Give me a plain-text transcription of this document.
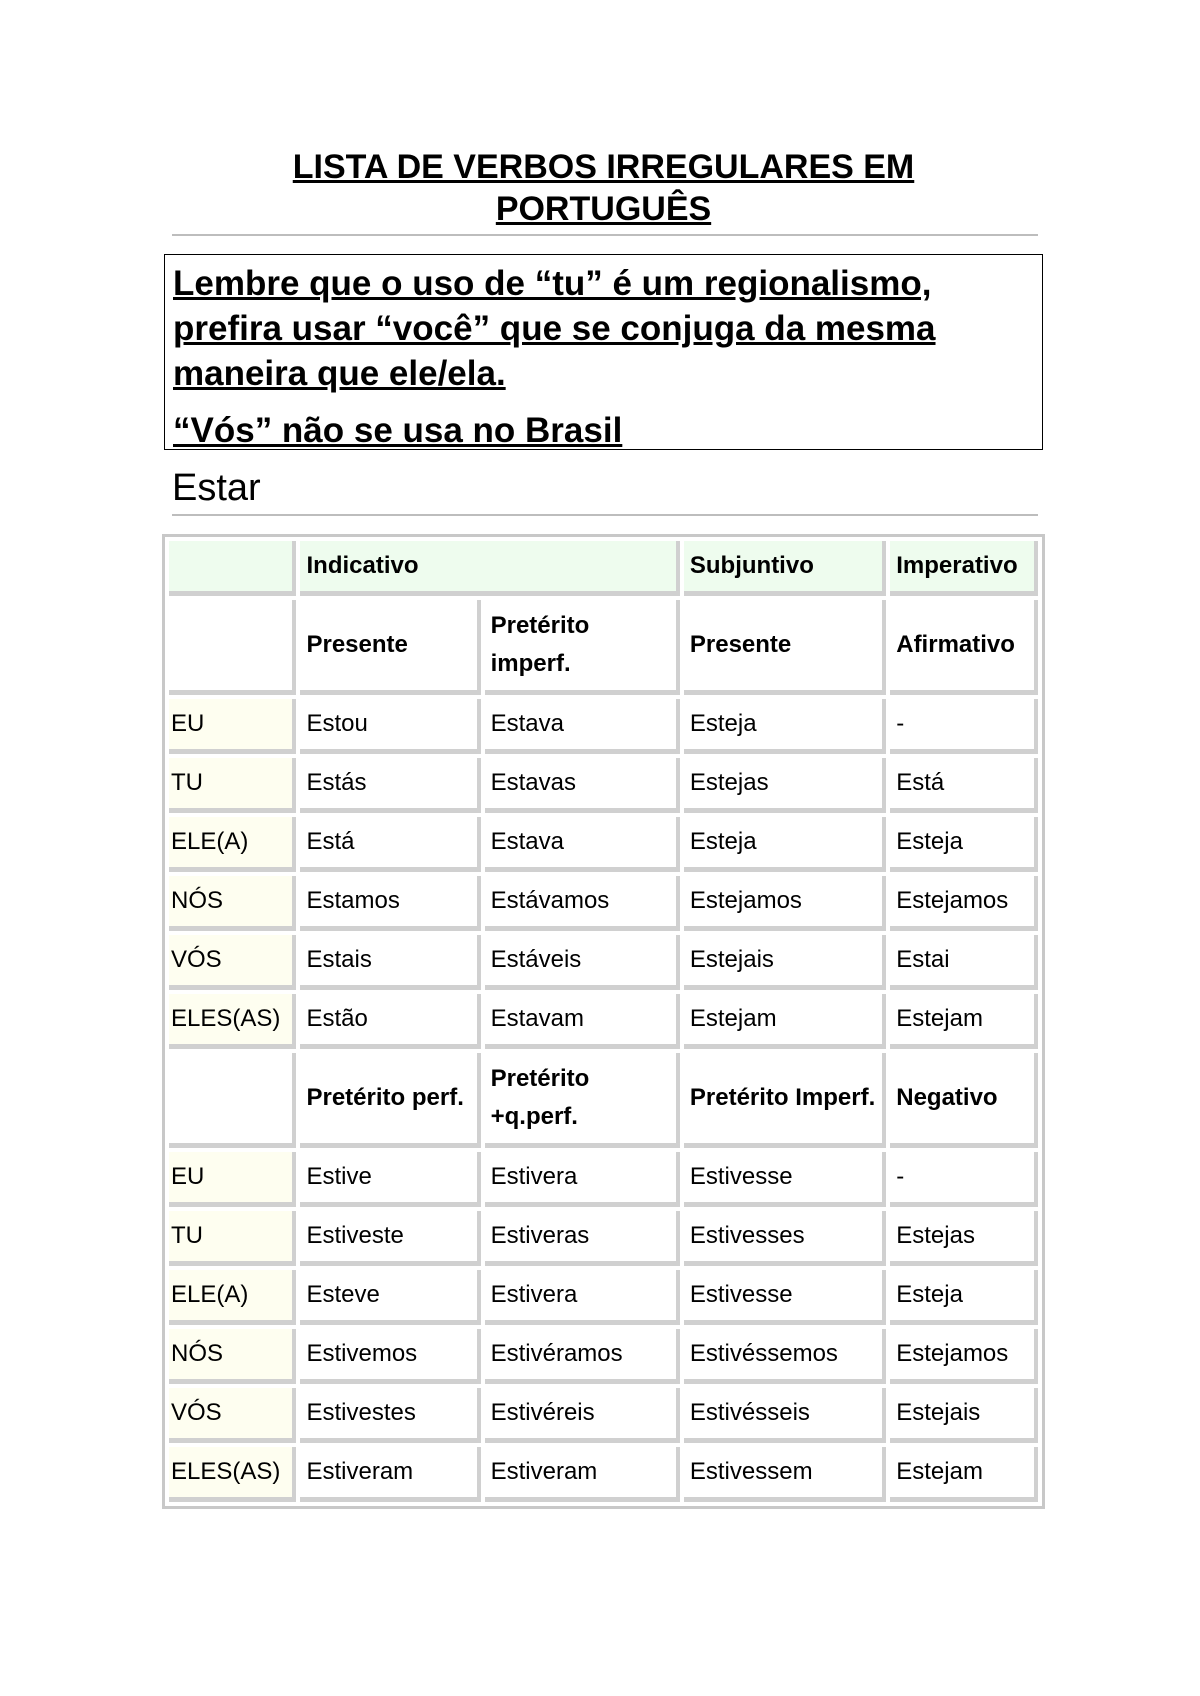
LISTA DE VERBOS IRREGULARES EM
PORTUGUÊS

Lembre que o uso de “tu” é um regionalismo,

prefira usar “você” que se conjuga da mesma

maneira que ele/ela.

“Vós” não se usa no Brasil

Estar
	Indicativo		Subjuntivo	Imperativo
	Presente	Pretérito imperf.	Presente	Afirmativo
EU	Estou	Estava	Esteja	-
TU	Estás	Estavas	Estejas	Está
ELE(A)	Está	Estava	Esteja	Esteja
NÓS	Estamos	Estávamos	Estejamos	Estejamos
VÓS	Estais	Estáveis	Estejais	Estai
ELES(AS)	Estão	Estavam	Estejam	Estejam
	Pretérito perf.	Pretérito +q.perf.	Pretérito Imperf.	Negativo
EU	Estive	Estivera	Estivesse	-
TU	Estiveste	Estiveras	Estivesses	Estejas
ELE(A)	Esteve	Estivera	Estivesse	Esteja
NÓS	Estivemos	Estivéramos	Estivéssemos	Estejamos
VÓS	Estivestes	Estivéreis	Estivésseis	Estejais
ELES(AS)	Estiveram	Estiveram	Estivessem	Estejam
